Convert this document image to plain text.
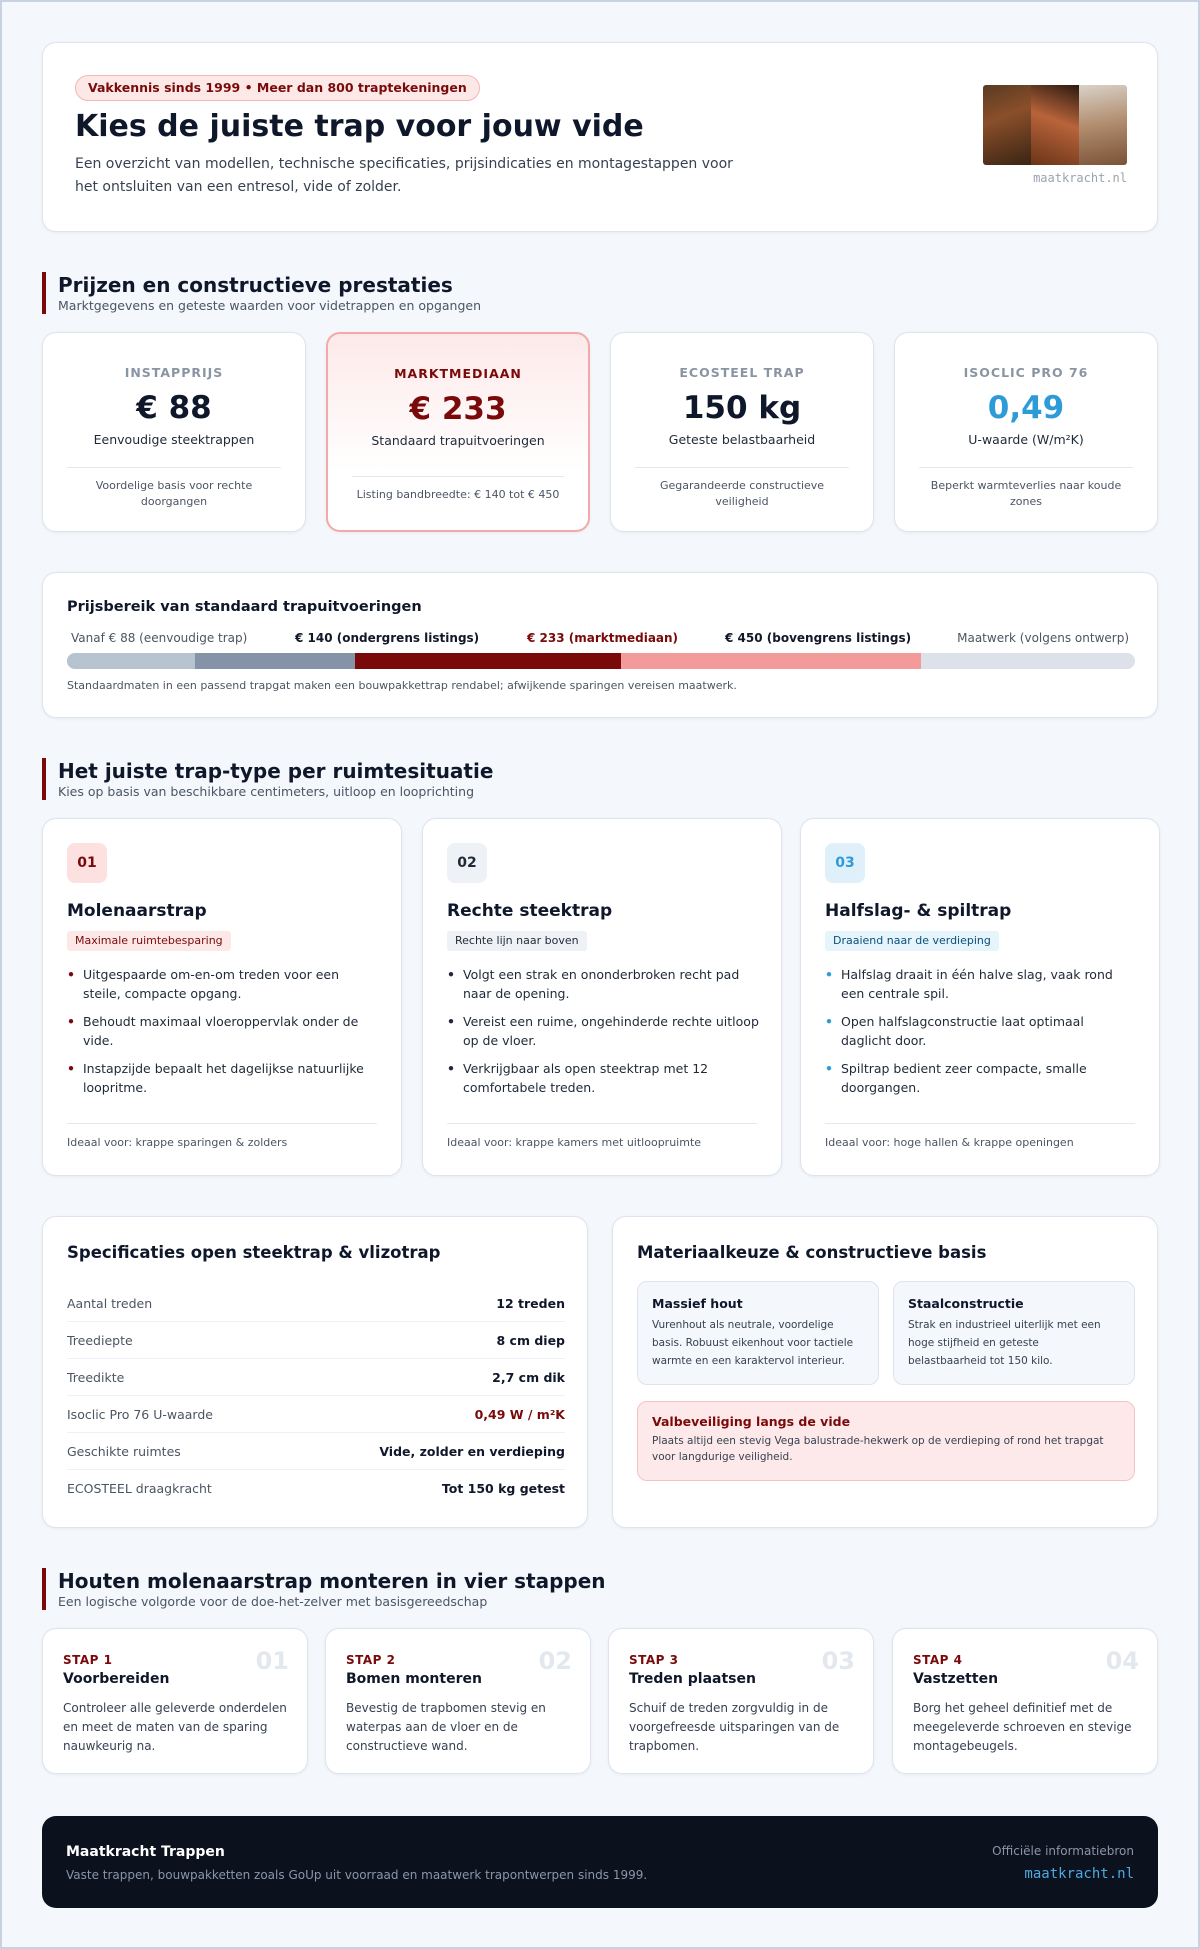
Vakkennis sinds 1999 • Meer dan 800 traptekeningen
Kies de juiste trap voor jouw vide

Een overzicht van modellen, technische specificaties, prijsindicaties en montagestappen voor het ontsluiten van een entresol, vide of zolder.

maatkracht.nl
Prijzen en constructieve prestaties
Marktgegevens en geteste waarden voor videtrappen en opgangen
INSTAPPRIJS
€ 88
Eenvoudige steektrappen
Voordelige basis voor rechte doorgangen
MARKTMEDIAAN
€ 233
Standaard trapuitvoeringen
Listing bandbreedte: € 140 tot € 450
ECOSTEEL TRAP
150 kg
Geteste belastbaarheid
Gegarandeerde constructieve veiligheid
ISOCLIC PRO 76
0,49
U-waarde (W/m²K)
Beperkt warmteverlies naar koude zones
Prijsbereik van standaard trapuitvoeringen
Vanaf € 88 (eenvoudige trap)	€ 140 (ondergrens listings)	€ 233 (marktmediaan)	€ 450 (bovengrens listings)	Maatwerk (volgens ontwerp)
Standaardmaten in een passend trapgat maken een bouwpakkettrap rendabel; afwijkende sparingen vereisen maatwerk.
Het juiste trap-type per ruimtesituatie
Kies op basis van beschikbare centimeters, uitloop en looprichting
01
Molenaarstrap
Maximale ruimtebesparing
• Uitgespaarde om-en-om treden voor een steile, compacte opgang.
• Behoudt maximaal vloeroppervlak onder de vide.
• Instapzijde bepaalt het dagelijkse natuurlijke loopritme.
Ideaal voor: krappe sparingen & zolders
02
Rechte steektrap
Rechte lijn naar boven
• Volgt een strak en ononderbroken recht pad naar de opening.
• Vereist een ruime, ongehinderde rechte uitloop op de vloer.
• Verkrijgbaar als open steektrap met 12 comfortabele treden.
Ideaal voor: krappe kamers met uitloopruimte
03
Halfslag- & spiltrap
Draaiend naar de verdieping
• Halfslag draait in één halve slag, vaak rond een centrale spil.
• Open halfslagconstructie laat optimaal daglicht door.
• Spiltrap bedient zeer compacte, smalle doorgangen.
Ideaal voor: hoge hallen & krappe openingen
Specificaties open steektrap & vlizotrap
Aantal treden	12 treden
Treediepte	8 cm diep
Treedikte	2,7 cm dik
Isoclic Pro 76 U-waarde	0,49 W / m²K
Geschikte ruimtes	Vide, zolder en verdieping
ECOSTEEL draagkracht	Tot 150 kg getest
Materiaalkeuze & constructieve basis
Massief hout
Vurenhout als neutrale, voordelige basis. Robuust eikenhout voor tactiele warmte en een karaktervol interieur.
Staalconstructie
Strak en industrieel uiterlijk met een hoge stijfheid en geteste belastbaarheid tot 150 kilo.
Valbeveiliging langs de vide
Plaats altijd een stevig Vega balustrade-hekwerk op de verdieping of rond het trapgat voor langdurige veiligheid.
Houten molenaarstrap monteren in vier stappen
Een logische volgorde voor de doe-het-zelver met basisgereedschap
STAP 1	01
Voorbereiden
Controleer alle geleverde onderdelen en meet de maten van de sparing nauwkeurig na.
STAP 2	02
Bomen monteren
Bevestig de trapbomen stevig en waterpas aan de vloer en de constructieve wand.
STAP 3	03
Treden plaatsen
Schuif de treden zorgvuldig in de voorgefreesde uitsparingen van de trapbomen.
STAP 4	04
Vastzetten
Borg het geheel definitief met de meegeleverde schroeven en stevige montagebeugels.
Maatkracht Trappen
Vaste trappen, bouwpakketten zoals GoUp uit voorraad en maatwerk trapontwerpen sinds 1999.
Officiële informatiebron
maatkracht.nl
